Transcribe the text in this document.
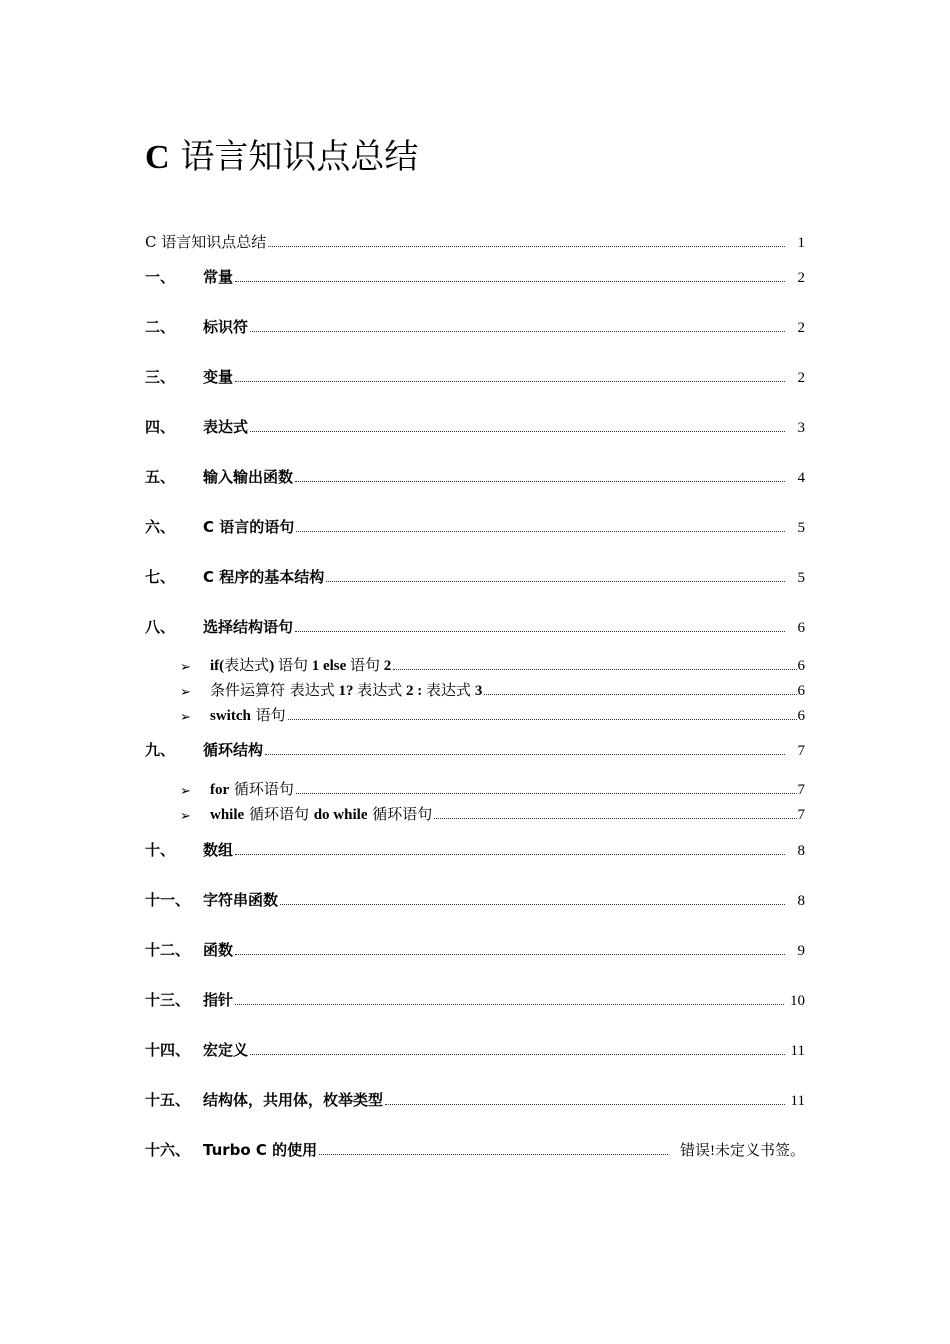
C 语言知识点总结
C 语言知识点总结	1
一、	常量	2
二、	标识符	2
三、	变量	2
四、	表达式	3
五、	输入输出函数	4
六、	C 语言的语句	5
七、	C 程序的基本结构	5
八、	选择结构语句	6
➢	if(表达式) 语句 1 else 语句 2	6
➢	条件运算符 表达式 1? 表达式 2 : 表达式 3	6
➢	switch 语句	6
九、	循环结构	7
➢	for 循环语句	7
➢	while 循环语句 do while 循环语句	7
十、	数组	8
十一、 字符串函数	8
十二、 函数	9
十三、 指针	10
十四、 宏定义	11
十五、 结构体，共用体，枚举类型	11
十六、 Turbo C 的使用	错误!未定义书签。
